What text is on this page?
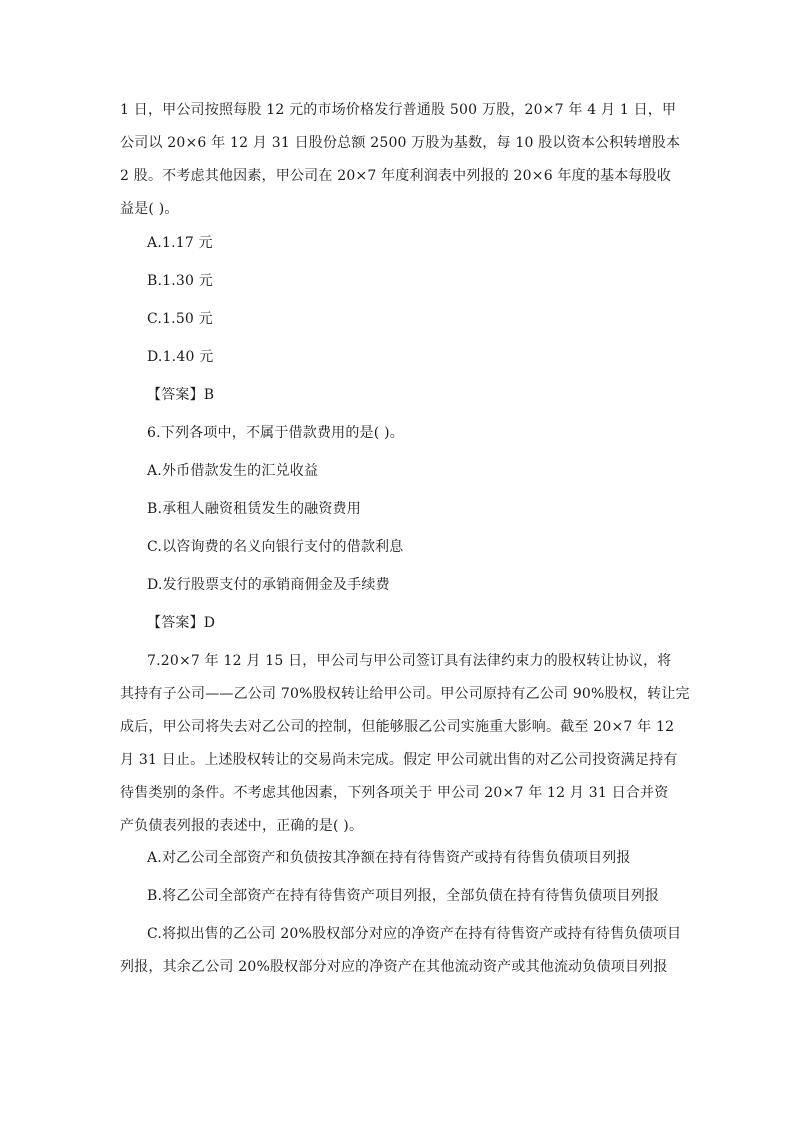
1 日，甲公司按照每股 12 元的市场价格发行普通股 500 万股，20×7 年 4 月 1 日，甲
公司以 20×6 年 12 月 31 日股份总额 2500 万股为基数，每 10 股以资本公积转增股本
2 股。不考虑其他因素，甲公司在 20×7 年度利润表中列报的 20×6 年度的基本每股收
益是( )。
A.1.17 元
B.1.30 元
C.1.50 元
D.1.40 元
【答案】B
6.下列各项中，不属于借款费用的是( )。
A.外币借款发生的汇兑收益
B.承租人融资租赁发生的融资费用
C.以咨询费的名义向银行支付的借款利息
D.发行股票支付的承销商佣金及手续费
【答案】D
7.20×7 年 12 月 15 日，甲公司与甲公司签订具有法律约束力的股权转让协议，将
其持有子公司——乙公司 70%股权转让给甲公司。甲公司原持有乙公司 90%股权，转让完
成后，甲公司将失去对乙公司的控制，但能够服乙公司实施重大影响。截至 20×7 年 12
月 31 日止。上述股权转让的交易尚未完成。假定 甲公司就出售的对乙公司投资满足持有
待售类别的条件。不考虑其他因素，下列各项关于 甲公司 20×7 年 12 月 31 日合并资
产负债表列报的表述中，正确的是( )。
A.对乙公司全部资产和负债按其净额在持有待售资产或持有待售负债项目列报
B.将乙公司全部资产在持有待售资产项目列报，全部负债在持有待售负债项目列报
C.将拟出售的乙公司 20%股权部分对应的净资产在持有待售资产或持有待售负债项目
列报，其余乙公司 20%股权部分对应的净资产在其他流动资产或其他流动负债项目列报
